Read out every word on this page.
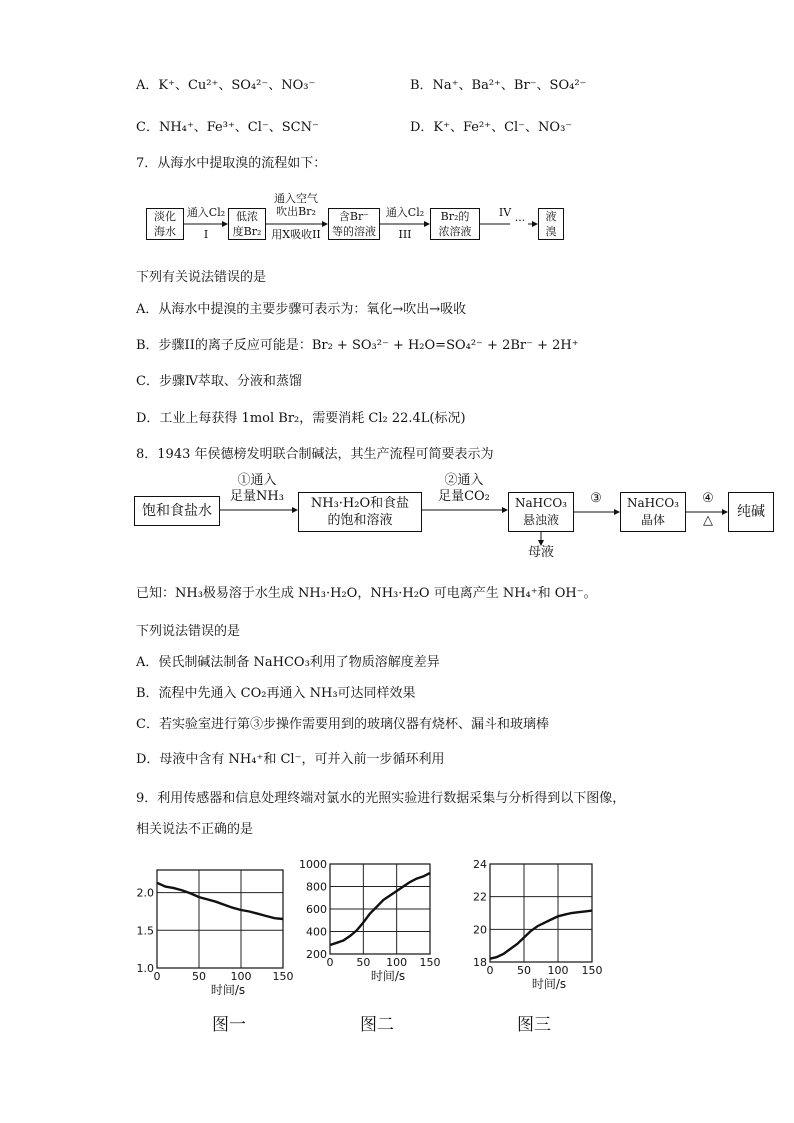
A．K⁺、Cu²⁺、SO₄²⁻、NO₃⁻	B．Na⁺、Ba²⁺、Br⁻、SO₄²⁻
C．NH₄⁺、Fe³⁺、Cl⁻、SCN⁻	D．K⁺、Fe²⁺、Cl⁻、NO₃⁻
7．从海水中提取溴的流程如下：
淡化
海水
通入Cl₂
I
低浓
度Br₂
通入空气
吹出Br₂
用X吸收II
含Br⁻
等的溶液
通入Cl₂
III
Br₂的
浓溶液
IV
···	液
溴
下列有关说法错误的是
A．从海水中提溴的主要步骤可表示为：氧化→吹出→吸收
B．步骤II的离子反应可能是：Br₂ + SO₃²⁻ + H₂O=SO₄²⁻ + 2Br⁻ + 2H⁺
C．步骤Ⅳ萃取、分液和蒸馏
D．工业上每获得 1mol Br₂，需要消耗 Cl₂ 22.4L(标况)
8．1943 年侯德榜发明联合制碱法，其生产流程可简要表示为
饱和食盐水
①通入
足量NH₃	NH₃·H₂O和食盐
的饱和溶液
②通入
足量CO₂	NaHCO₃
悬浊液
母液
③	NaHCO₃
晶体
④
△
纯碱
已知：NH₃极易溶于水生成 NH₃·H₂O，NH₃·H₂O 可电离产生 NH₄⁺和 OH⁻。
下列说法错误的是
A．侯氏制碱法制备 NaHCO₃利用了物质溶解度差异
B．流程中先通入 CO₂再通入 NH₃可达同样效果
C．若实验室进行第③步操作需要用到的玻璃仪器有烧杯、漏斗和玻璃棒
D．母液中含有 NH₄⁺和 Cl⁻，可并入前一步循环利用
9．利用传感器和信息处理终端对氯水的光照实验进行数据采集与分析得到以下图像，
相关说法不正确的是
0	50 100 150
1.0
1.5
2.0
时间/s
0 50 100 150
200
400
600
800
1000
时间/s	0 50 100 150
18
20
22
24
时间/s
图一	图二	图三
